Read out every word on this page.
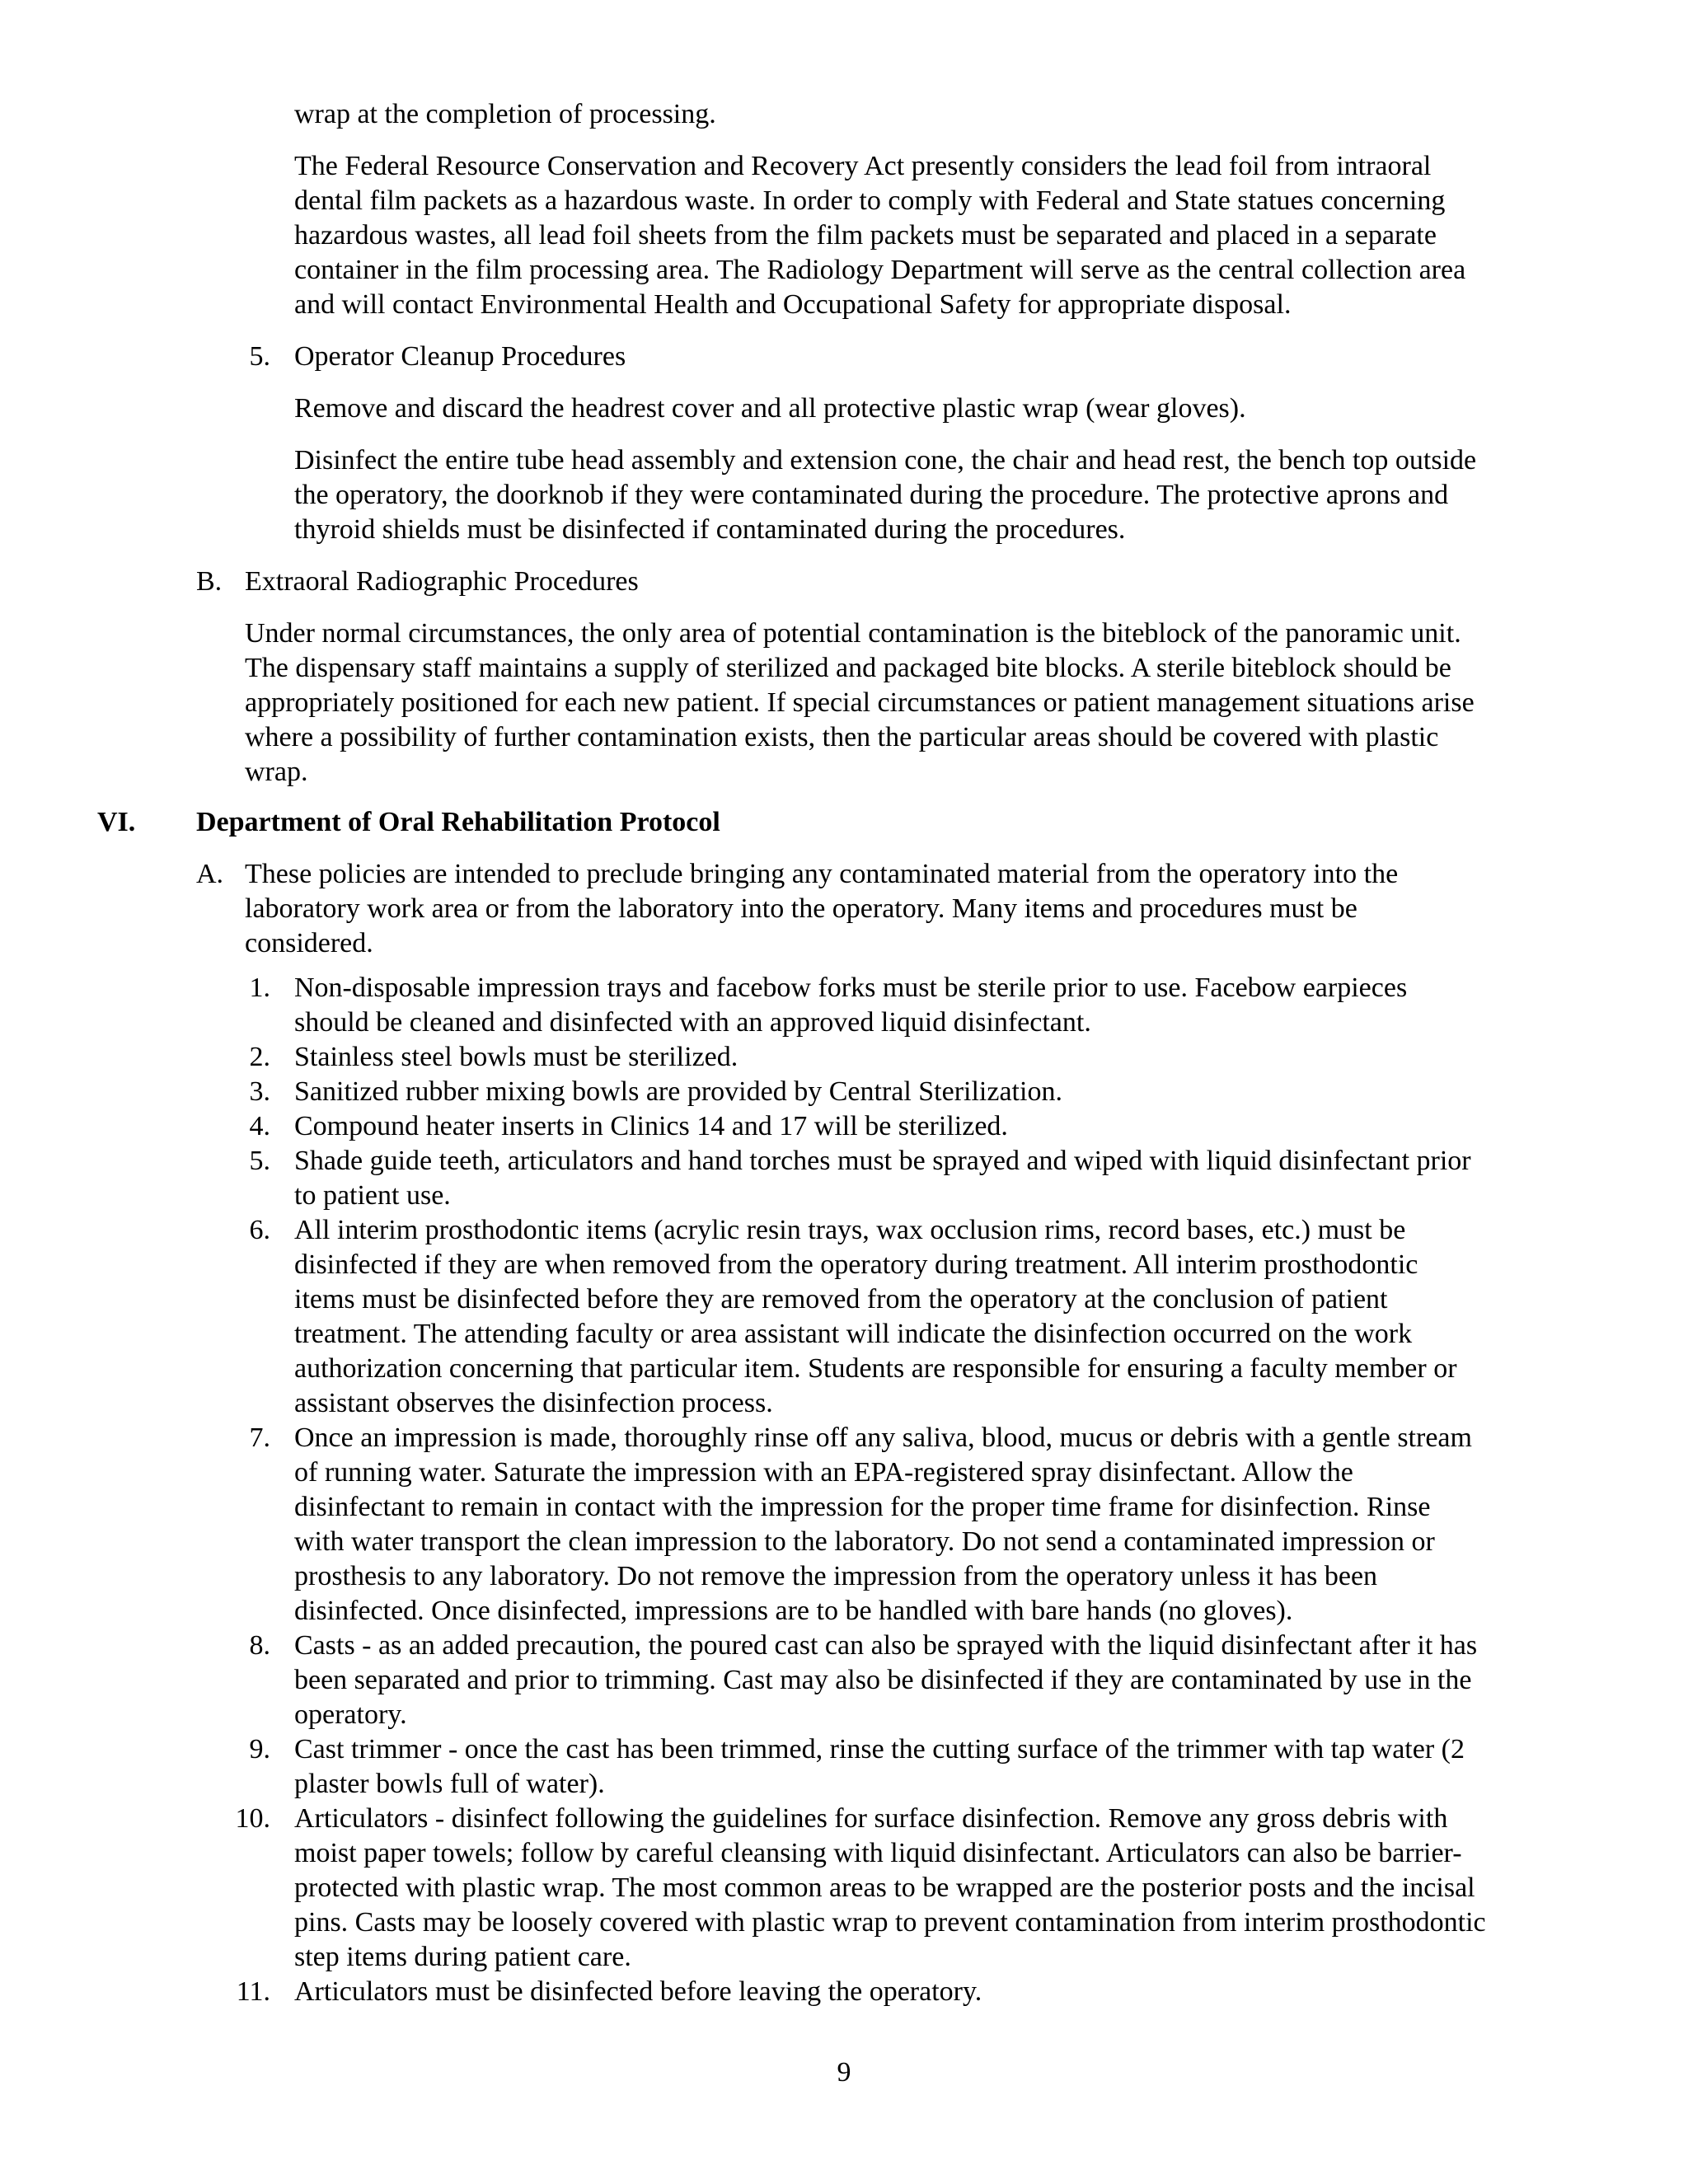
wrap at the completion of processing.

The Federal Resource Conservation and Recovery Act presently considers the lead foil from intraoral

dental film packets as a hazardous waste. In order to comply with Federal and State statues concerning

hazardous wastes, all lead foil sheets from the film packets must be separated and placed in a separate

container in the film processing area. The Radiology Department will serve as the central collection area

and will contact Environmental Health and Occupational Safety for appropriate disposal.

5. Operator Cleanup Procedures

Remove and discard the headrest cover and all protective plastic wrap (wear gloves).

Disinfect the entire tube head assembly and extension cone, the chair and head rest, the bench top outside

the operatory, the doorknob if they were contaminated during the procedure. The protective aprons and

thyroid shields must be disinfected if contaminated during the procedures.

B. Extraoral Radiographic Procedures

Under normal circumstances, the only area of potential contamination is the biteblock of the panoramic unit.

The dispensary staff maintains a supply of sterilized and packaged bite blocks. A sterile biteblock should be

appropriately positioned for each new patient. If special circumstances or patient management situations arise

where a possibility of further contamination exists, then the particular areas should be covered with plastic

wrap.

VI. Department of Oral Rehabilitation Protocol

A. These policies are intended to preclude bringing any contaminated material from the operatory into the

laboratory work area or from the laboratory into the operatory. Many items and procedures must be

considered.

1. Non-disposable impression trays and facebow forks must be sterile prior to use. Facebow earpieces

should be cleaned and disinfected with an approved liquid disinfectant.

2. Stainless steel bowls must be sterilized.

3. Sanitized rubber mixing bowls are provided by Central Sterilization.

4. Compound heater inserts in Clinics 14 and 17 will be sterilized.

5. Shade guide teeth, articulators and hand torches must be sprayed and wiped with liquid disinfectant prior

to patient use.

6. All interim prosthodontic items (acrylic resin trays, wax occlusion rims, record bases, etc.) must be

disinfected if they are when removed from the operatory during treatment. All interim prosthodontic

items must be disinfected before they are removed from the operatory at the conclusion of patient

treatment. The attending faculty or area assistant will indicate the disinfection occurred on the work

authorization concerning that particular item. Students are responsible for ensuring a faculty member or

assistant observes the disinfection process.

7. Once an impression is made, thoroughly rinse off any saliva, blood, mucus or debris with a gentle stream

of running water. Saturate the impression with an EPA-registered spray disinfectant. Allow the

disinfectant to remain in contact with the impression for the proper time frame for disinfection. Rinse

with water transport the clean impression to the laboratory. Do not send a contaminated impression or

prosthesis to any laboratory. Do not remove the impression from the operatory unless it has been

disinfected. Once disinfected, impressions are to be handled with bare hands (no gloves).

8. Casts - as an added precaution, the poured cast can also be sprayed with the liquid disinfectant after it has

been separated and prior to trimming. Cast may also be disinfected if they are contaminated by use in the

operatory.

9. Cast trimmer - once the cast has been trimmed, rinse the cutting surface of the trimmer with tap water (2

plaster bowls full of water).

10. Articulators - disinfect following the guidelines for surface disinfection. Remove any gross debris with

moist paper towels; follow by careful cleansing with liquid disinfectant. Articulators can also be barrier-

protected with plastic wrap. The most common areas to be wrapped are the posterior posts and the incisal

pins. Casts may be loosely covered with plastic wrap to prevent contamination from interim prosthodontic

step items during patient care.

11. Articulators must be disinfected before leaving the operatory.

9
